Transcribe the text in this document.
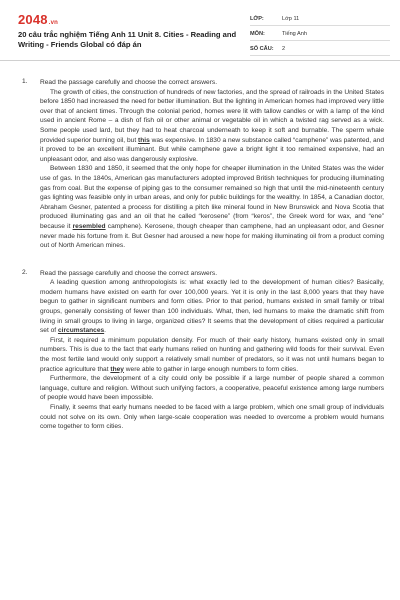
2048.vn
20 câu trắc nghiệm Tiếng Anh 11 Unit 8. Cities - Reading and Writing - Friends Global có đáp án
LỚP:	Lớp 11
MÔN:	Tiếng Anh
SỐ CÂU:	2
1. Read the passage carefully and choose the correct answers.

The growth of cities, the construction of hundreds of new factories, and the spread of railroads in the United States before 1850 had increased the need for better illumination. But the lighting in American homes had improved very little over that of ancient times. Through the colonial period, homes were lit with tallow candles or with a lamp of the kind used in ancient Rome – a dish of fish oil or other animal or vegetable oil in which a twisted rag served as a wick. Some people used lard, but they had to heat charcoal underneath to keep it soft and burnable. The sperm whale provided superior burning oil, but this was expensive. In 1830 a new substance called “camphene” was patented, and it proved to be an excellent illuminant. But while camphene gave a bright light it too remained expensive, had an unpleasant odor, and also was dangerously explosive.

Between 1830 and 1850, it seemed that the only hope for cheaper illumination in the United States was the wider use of gas. In the 1840s, American gas manufacturers adopted improved British techniques for producing illuminating gas from coal. But the expense of piping gas to the consumer remained so high that until the mid-nineteenth century gas lighting was feasible only in urban areas, and only for public buildings for the wealthy. In 1854, a Canadian doctor, Abraham Gesner, patented a process for distilling a pitch like mineral found in New Brunswick and Nova Scotia that produced illuminating gas and an oil that he called “kerosene” (from “keros”, the Greek word for wax, and “ene” because it resembled camphene). Kerosene, though cheaper than camphene, had an unpleasant odor, and Gesner never made his fortune from it. But Gesner had aroused a new hope for making illuminating oil from a product coming out of North American mines.

2. Read the passage carefully and choose the correct answers.

A leading question among anthropologists is: what exactly led to the development of human cities? Basically, modern humans have existed on earth for over 100,000 years. Yet it is only in the last 8,000 years that they have begun to gather in significant numbers and form cities. Prior to that period, humans existed in small family or tribal groups, generally consisting of fewer than 100 individuals. What, then, led humans to make the dramatic shift from living in small groups to living in large, organized cities? It seems that the development of cities required a particular set of circumstances.

First, it required a minimum population density. For much of their early history, humans existed only in small numbers. This is due to the fact that early humans relied on hunting and gathering wild foods for their survival. Even the most fertile land would only support a relatively small number of predators, so it was not until humans began to practice agriculture that they were able to gather in large enough numbers to form cities.

Furthermore, the development of a city could only be possible if a large number of people shared a common language, culture and religion. Without such unifying factors, a cooperative, peaceful existence among large numbers of people would have been impossible.

Finally, it seems that early humans needed to be faced with a large problem, which one small group of individuals could not solve on its own. Only when large-scale cooperation was needed to overcome a problem would humans come together to form cities.
